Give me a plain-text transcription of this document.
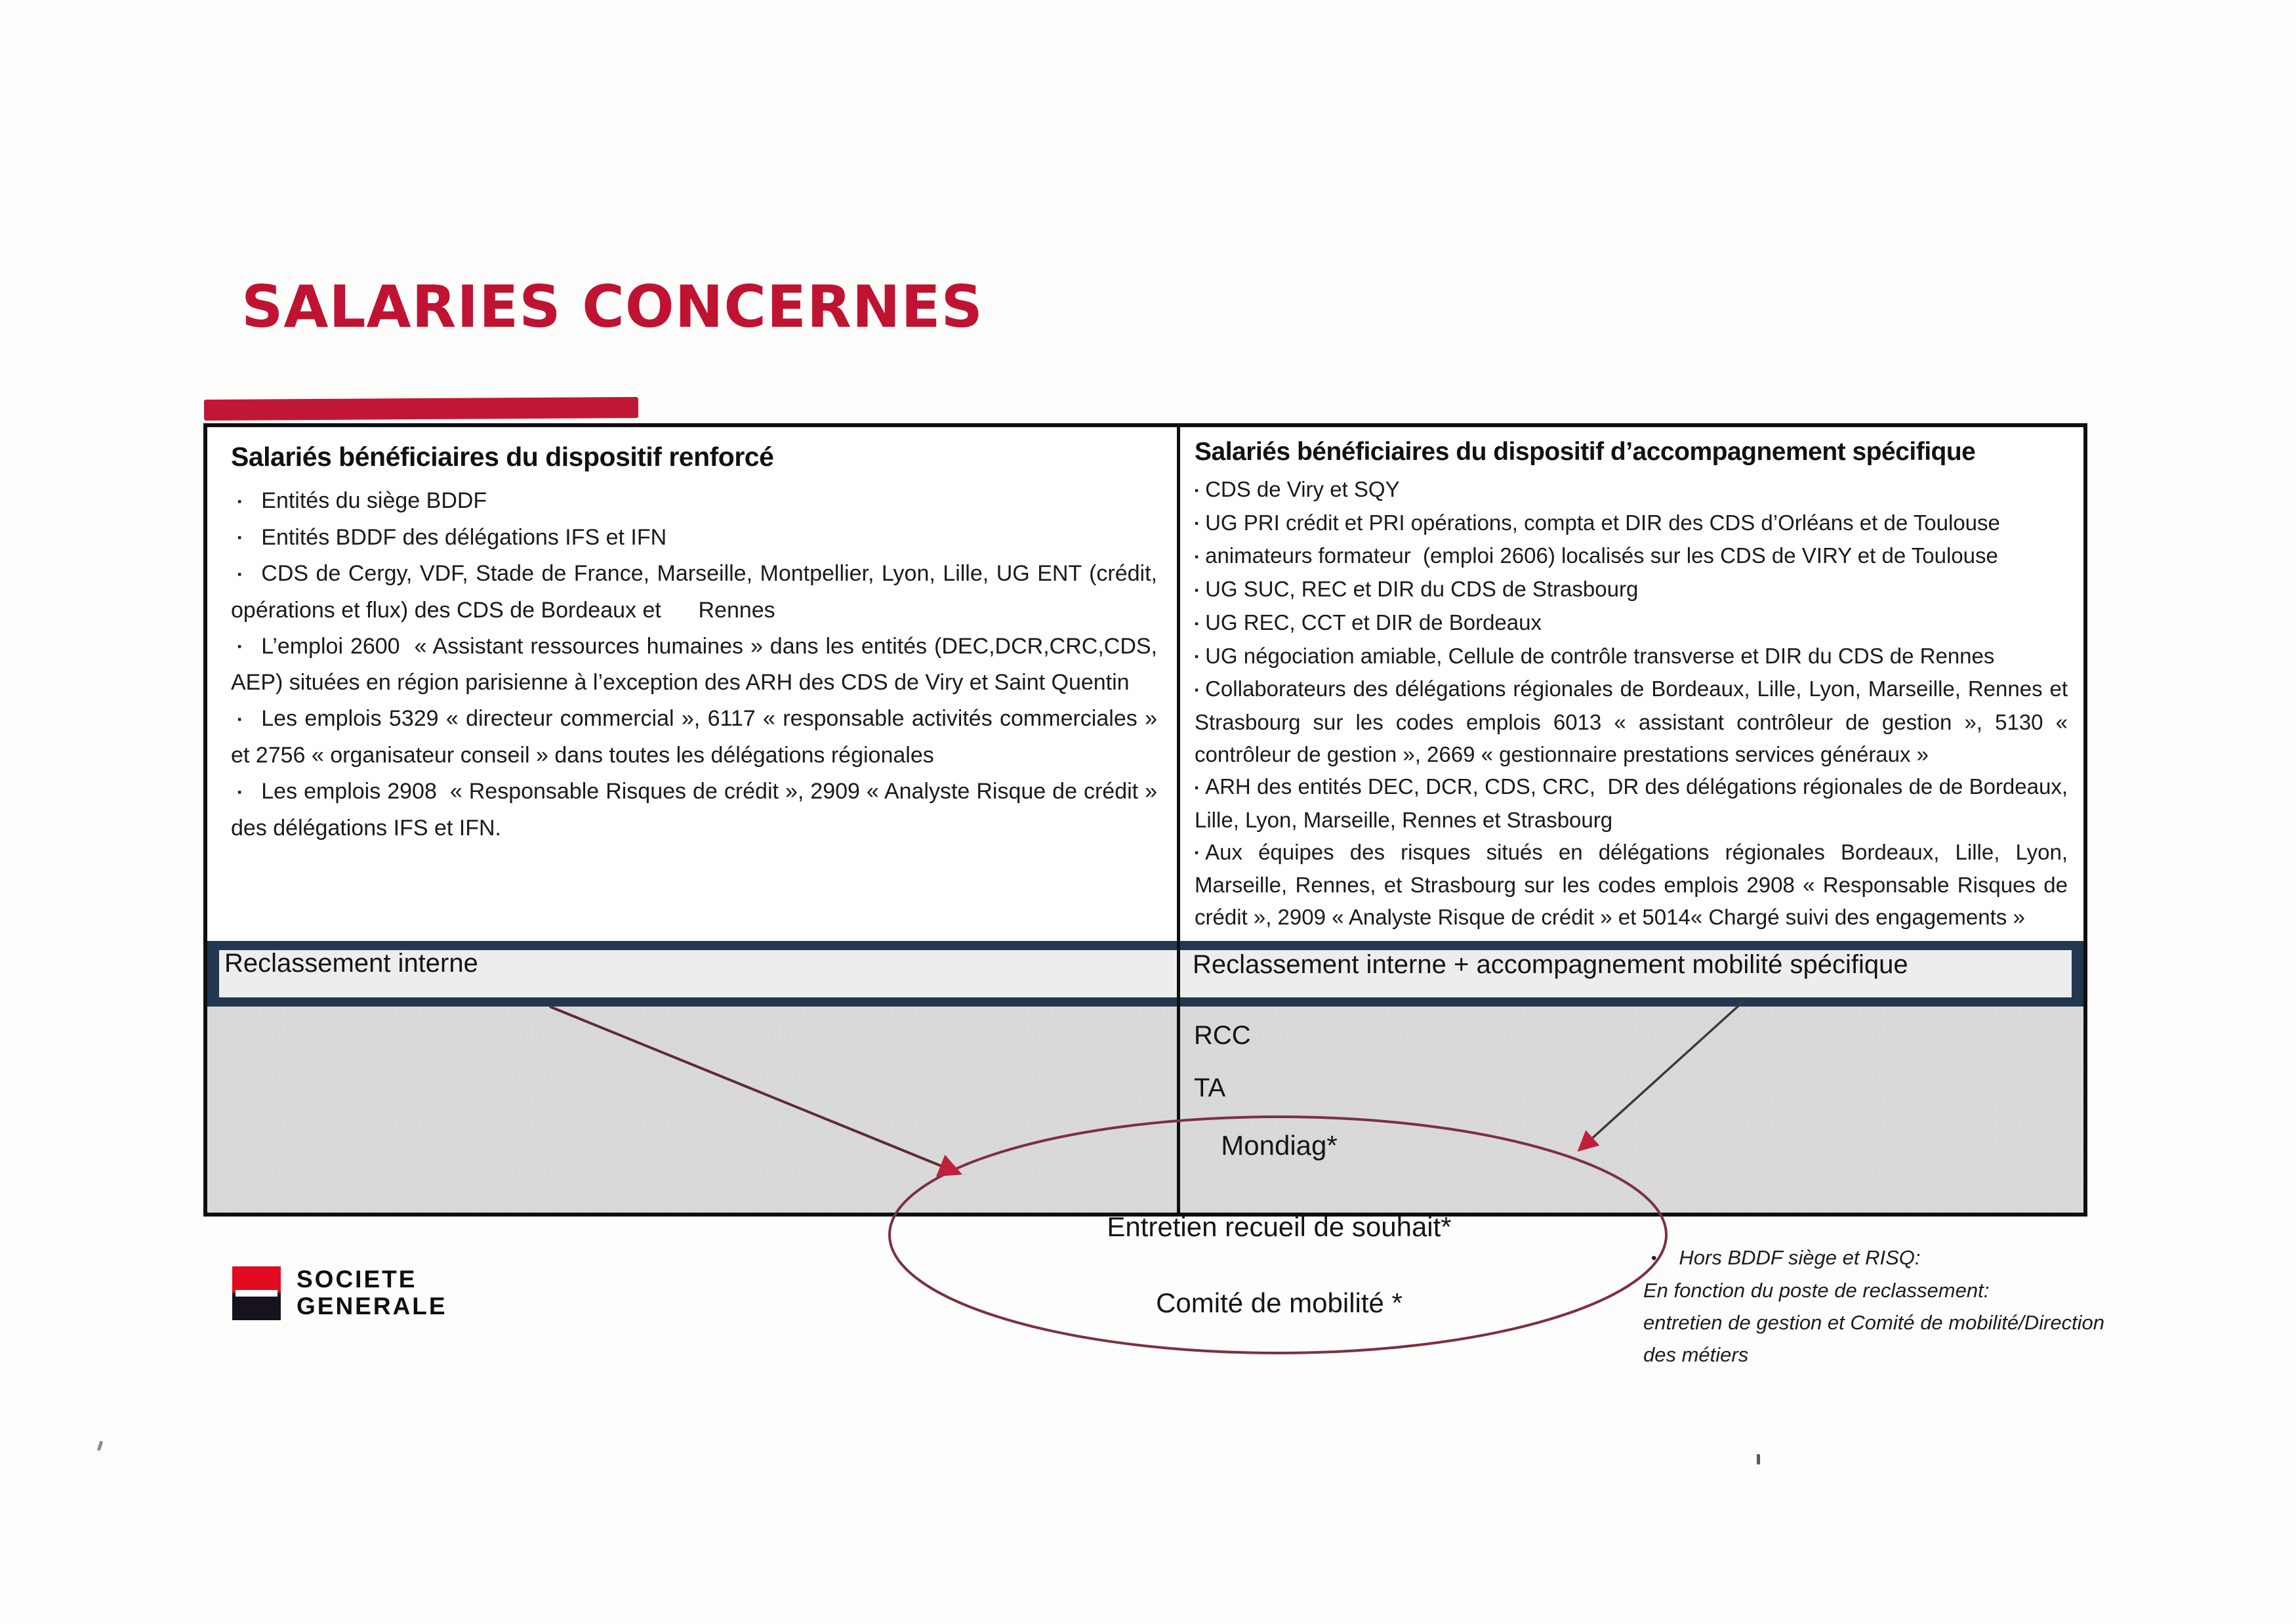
SALARIES CONCERNES
Salariés bénéficiaires du dispositif renforcé
▪ Entités du siège BDDF
▪ Entités BDDF des délégations IFS et IFN
▪ CDS de Cergy, VDF, Stade de France, Marseille, Montpellier, Lyon, Lille, UG ENT (crédit, opérations et flux) des CDS de Bordeaux et      Rennes
▪ L’emploi 2600  « Assistant ressources humaines » dans les entités (DEC,DCR,CRC,CDS, AEP) situées en région parisienne à l’exception des ARH des CDS de Viry et Saint Quentin
▪ Les emplois 5329 « directeur commercial », 6117 « responsable activités commerciales » et 2756 « organisateur conseil » dans toutes les délégations régionales
▪ Les emplois 2908  « Responsable Risques de crédit », 2909 « Analyste Risque de crédit » des délégations IFS et IFN.
Salariés bénéficiaires du dispositif d’accompagnement spécifique
▪ CDS de Viry et SQY
▪ UG PRI crédit et PRI opérations, compta et DIR des CDS d’Orléans et de Toulouse
▪ animateurs formateur  (emploi 2606) localisés sur les CDS de VIRY et de Toulouse
▪ UG SUC, REC et DIR du CDS de Strasbourg
▪ UG REC, CCT et DIR de Bordeaux
▪ UG négociation amiable, Cellule de contrôle transverse et DIR du CDS de Rennes
▪ Collaborateurs des délégations régionales de Bordeaux, Lille, Lyon, Marseille, Rennes et Strasbourg sur les codes emplois 6013 « assistant contrôleur de gestion », 5130 « contrôleur de gestion », 2669 « gestionnaire prestations services généraux »
▪ ARH des entités DEC, DCR, CDS, CRC,  DR des délégations régionales de de Bordeaux, Lille, Lyon, Marseille, Rennes et Strasbourg
▪ Aux équipes des risques situés en délégations régionales Bordeaux, Lille, Lyon, Marseille, Rennes, et Strasbourg sur les codes emplois 2908 « Responsable Risques de crédit », 2909 « Analyste Risque de crédit » et 5014« Chargé suivi des engagements »
Reclassement interne	Reclassement interne + accompagnement mobilité spécifique
RCC
TA
Mondiag*
Entretien recueil de souhait*
Comité de mobilité *
• Hors BDDF siège et RISQ:
En fonction du poste de reclassement:
entretien de gestion et Comité de mobilité/Direction
des métiers
SOCIETE
GENERALE
